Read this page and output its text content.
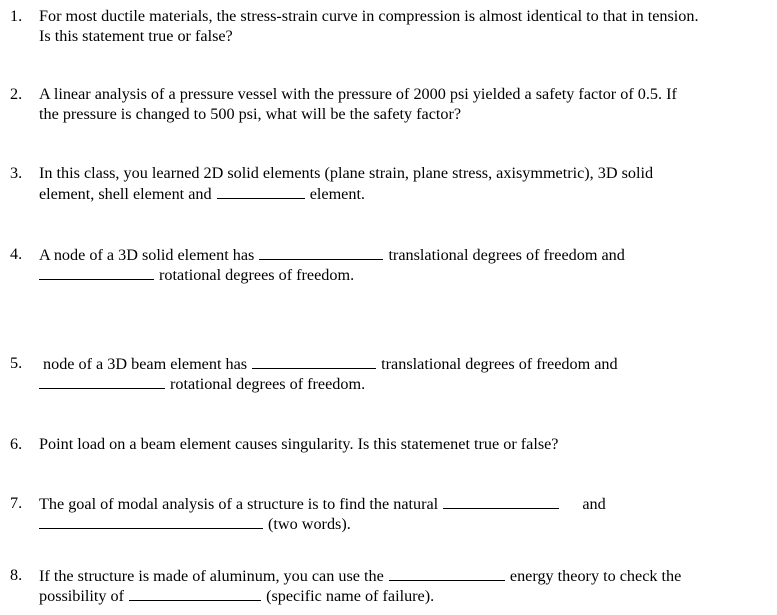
1. For most ductile materials, the stress-strain curve in compression is almost identical to that in tension.
Is this statement true or false?
2. A linear analysis of a pressure vessel with the pressure of 2000 psi yielded a safety factor of 0.5. If
the pressure is changed to 500 psi, what will be the safety factor?
3. In this class, you learned 2D solid elements (plane strain, plane stress, axisymmetric), 3D solid
element, shell element and	element.
4. A node of a 3D solid element has	translational degrees of freedom and
rotational degrees of freedom.
5. node of a 3D beam element has	translational degrees of freedom and
rotational degrees of freedom.
6. Point load on a beam element causes singularity. Is this statemenet true or false?
7. The goal of modal analysis of a structure is to find the natural	and
(two words).
8. If the structure is made of aluminum, you can use the	energy theory to check the
possibility of	(specific name of failure).
